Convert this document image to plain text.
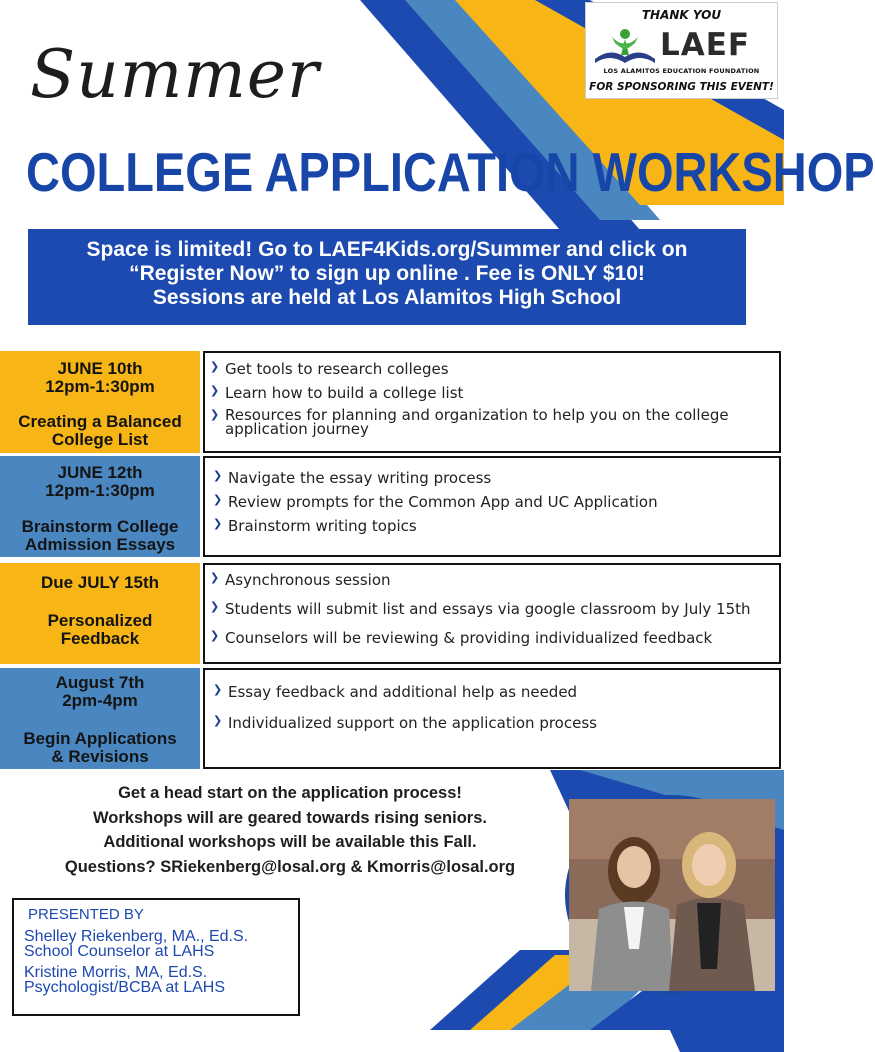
THANK YOU
LAEF
LOS ALAMITOS EDUCATION FOUNDATION
FOR SPONSORING THIS EVENT!
Summer
COLLEGE APPLICATION WORKSHOP
Space is limited! Go to LAEF4Kids.org/Summer and click on
“Register Now” to sign up online . Fee is ONLY $10!
Sessions are held at Los Alamitos High School
JUNE 10th
12pm-1:30pm
Creating a Balanced
College List
❯ Get tools to research colleges
❯ Learn how to build a college list
❯ Resources for planning and organization to help you on the college application journey
JUNE 12th
12pm-1:30pm
Brainstorm College
Admission Essays
❯ Navigate the essay writing process
❯ Review prompts for the Common App and UC Application
❯ Brainstorm writing topics
Due JULY 15th
Personalized
Feedback
❯ Asynchronous session
❯ Students will submit list and essays via google classroom by July 15th
❯ Counselors will be reviewing & providing individualized feedback
August 7th
2pm-4pm
Begin Applications
& Revisions
❯ Essay feedback and additional help as needed
❯ Individualized support on the application process
Get a head start on the application process!
Workshops will are geared towards rising seniors.
Additional workshops will be available this Fall.
Questions? SRiekenberg@losal.org & Kmorris@losal.org
PRESENTED BY
Shelley Riekenberg, MA., Ed.S.
School Counselor at LAHS
Kristine Morris, MA, Ed.S.
Psychologist/BCBA at LAHS
